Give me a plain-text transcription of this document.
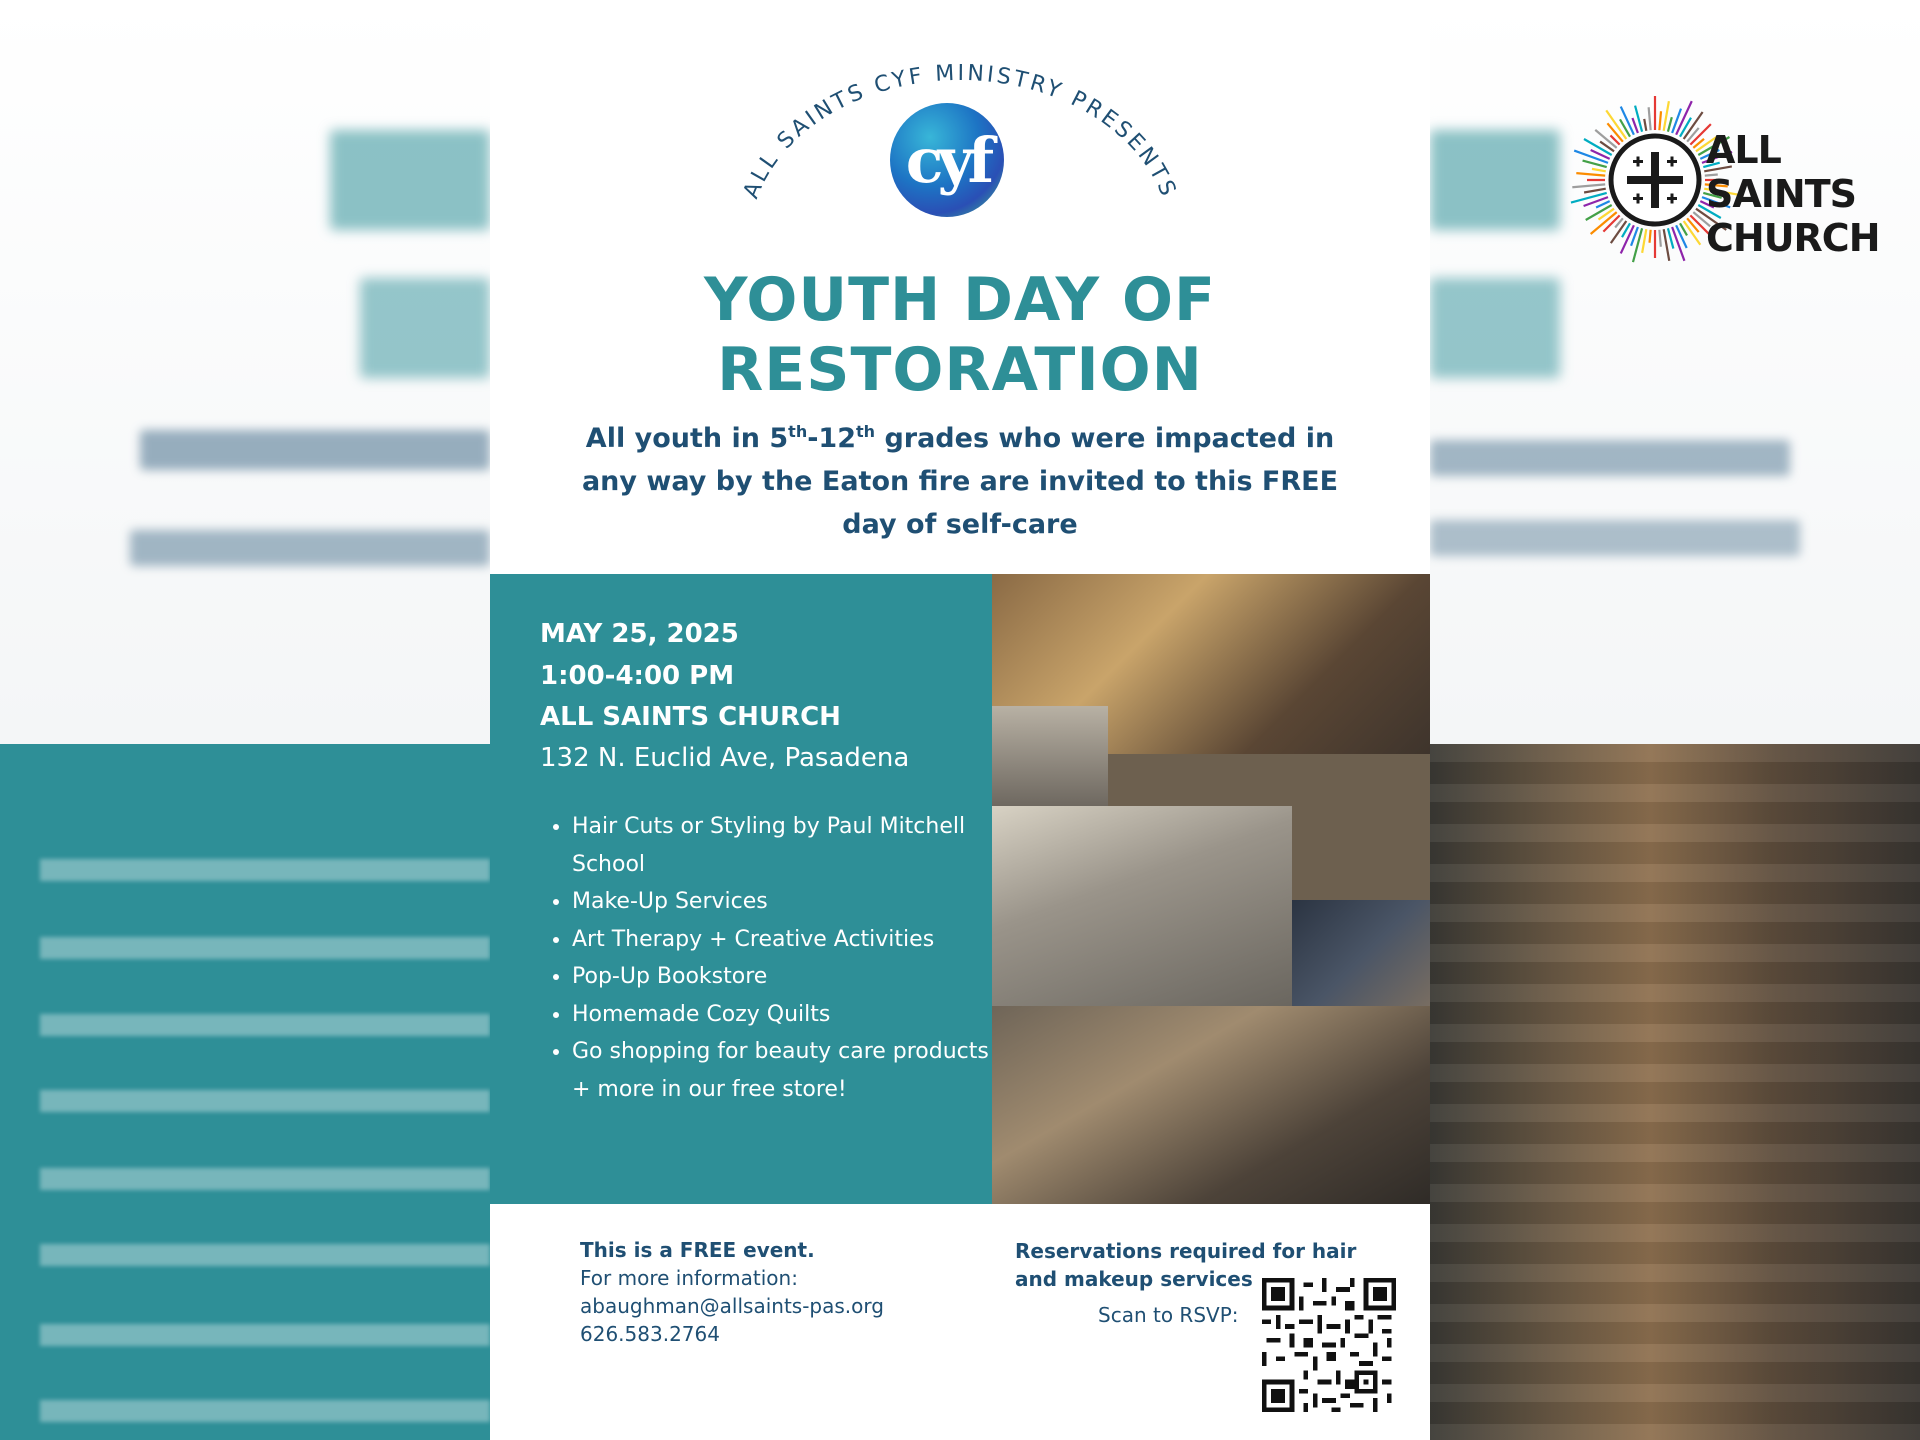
ALL SAINTS CYF MINISTRY PRESENTS
cyf
YOUTH DAY OF
RESTORATION
All youth in 5th-12th grades who were impacted in
any way by the Eaton fire are invited to this FREE
day of self-care
MAY 25, 2025
1:00-4:00 PM
ALL SAINTS CHURCH
132 N. Euclid Ave, Pasadena
• Hair Cuts or Styling by Paul Mitchell School
• Make-Up Services
• Art Therapy + Creative Activities
• Pop-Up Bookstore
• Homemade Cozy Quilts
• Go shopping for beauty care products + more in our free store!
This is a FREE event.
For more information:
abaughman@allsaints-pas.org
626.583.2764
Reservations required for hair and makeup services
Scan to RSVP:
ALL SAINTS
CHURCH
